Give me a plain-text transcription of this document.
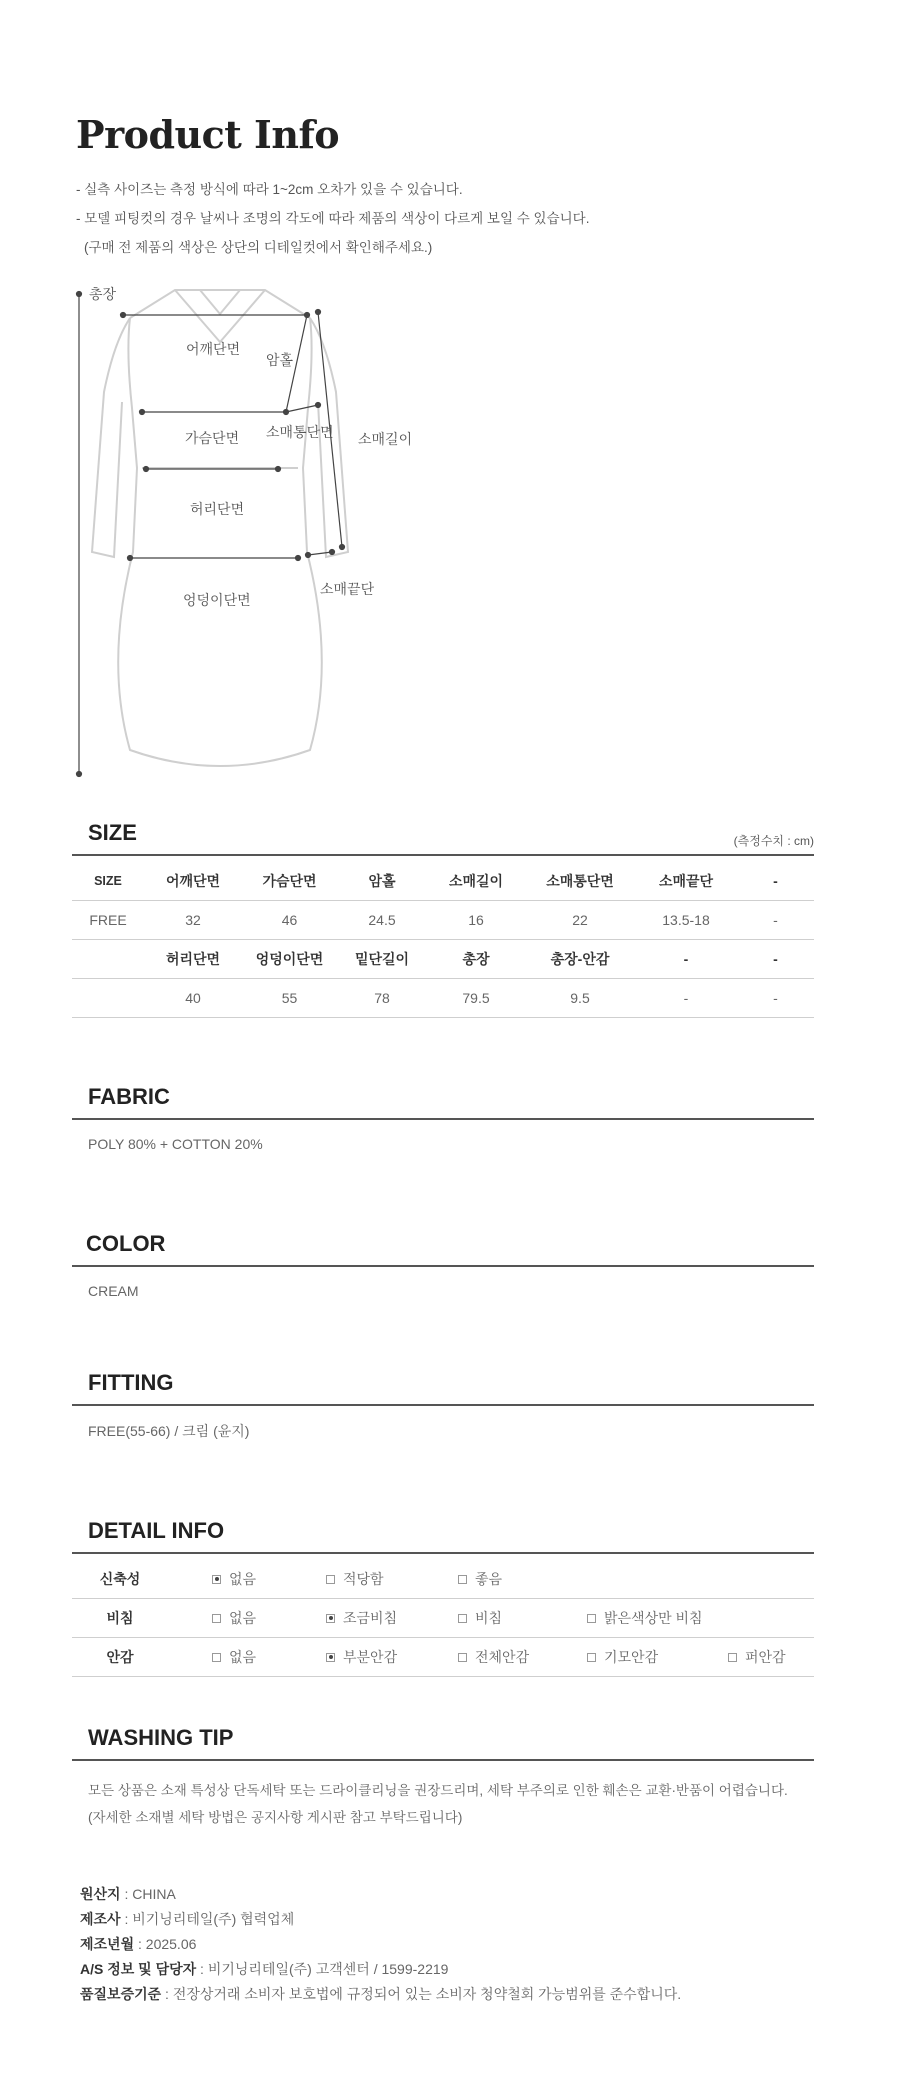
Product Info
- 실측 사이즈는 측정 방식에 따라 1~2cm 오차가 있을 수 있습니다.
- 모델 피팅컷의 경우 날씨나 조명의 각도에 따라 제품의 색상이 다르게 보일 수 있습니다.
(구매 전 제품의 색상은 상단의 디테일컷에서 확인해주세요.)
총장
어깨단면
암홀
가슴단면 소매통단면 소매길이
허리단면
소매끝단
엉덩이단면
SIZE	(측정수치 : cm)
SIZE	어깨단면	가슴단면	암홀	소매길이	소매통단면	소매끝단	-
FREE	32	46	24.5	16	22	13.5-18	-
	허리단면	엉덩이단면	밑단길이	총장	총장-안감	-	-
	40	55	78	79.5	9.5	-	-
FABRIC
POLY 80% + COTTON 20%
COLOR
CREAM
FITTING
FREE(55-66) / 크림 (윤지)
DETAIL INFO
신축성	없음	적당함	좋음
비침	없음	조금비침	비침	밝은색상만 비침
안감	없음	부분안감	전체안감	기모안감	퍼안감
WASHING TIP
모든 상품은 소재 특성상 단독세탁 또는 드라이클리닝을 권장드리며, 세탁 부주의로 인한 훼손은 교환·반품이 어렵습니다.
(자세한 소재별 세탁 방법은 공지사항 게시판 참고 부탁드립니다)
원산지 : CHINA
제조사 : 비기닝리테일(주) 협력업체
제조년월 : 2025.06
A/S 정보 및 담당자 : 비기닝리테일(주) 고객센터 / 1599-2219
품질보증기준 : 전장상거래 소비자 보호법에 규정되어 있는 소비자 청약철회 가능범위를 준수합니다.
